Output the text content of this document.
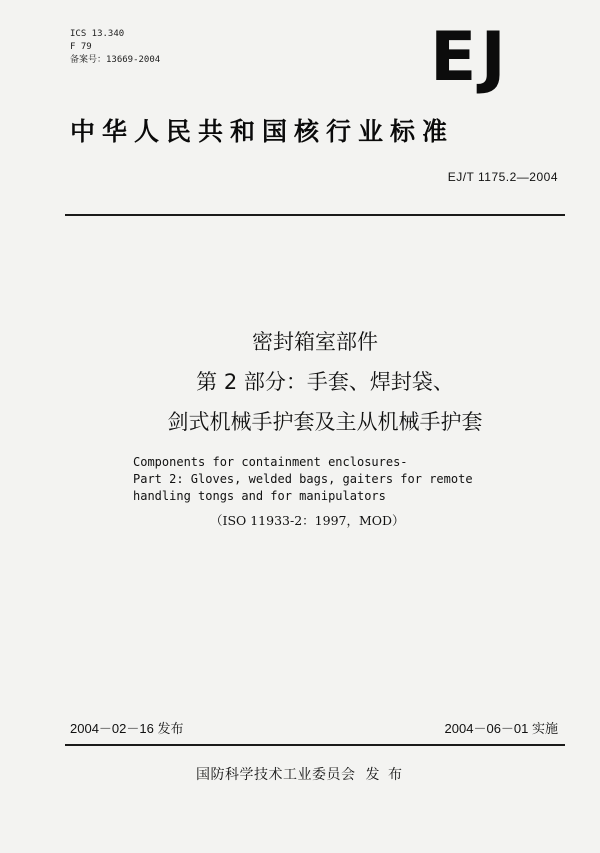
ICS 13.340
F 79
备案号：13669-2004	EJ
中华人民共和国核行业标准
EJ/T 1175.2—2004
密封箱室部件
第 2 部分：手套、焊封袋、
剑式机械手护套及主从机械手护套
Components for containment enclosures-
Part 2: Gloves, welded bags, gaiters for remote
handling tongs and for manipulators
（ISO 11933-2：1997，MOD）
2004－02－16 发布	2004－06－01 实施
国防科学技术工业委员会 发 布
